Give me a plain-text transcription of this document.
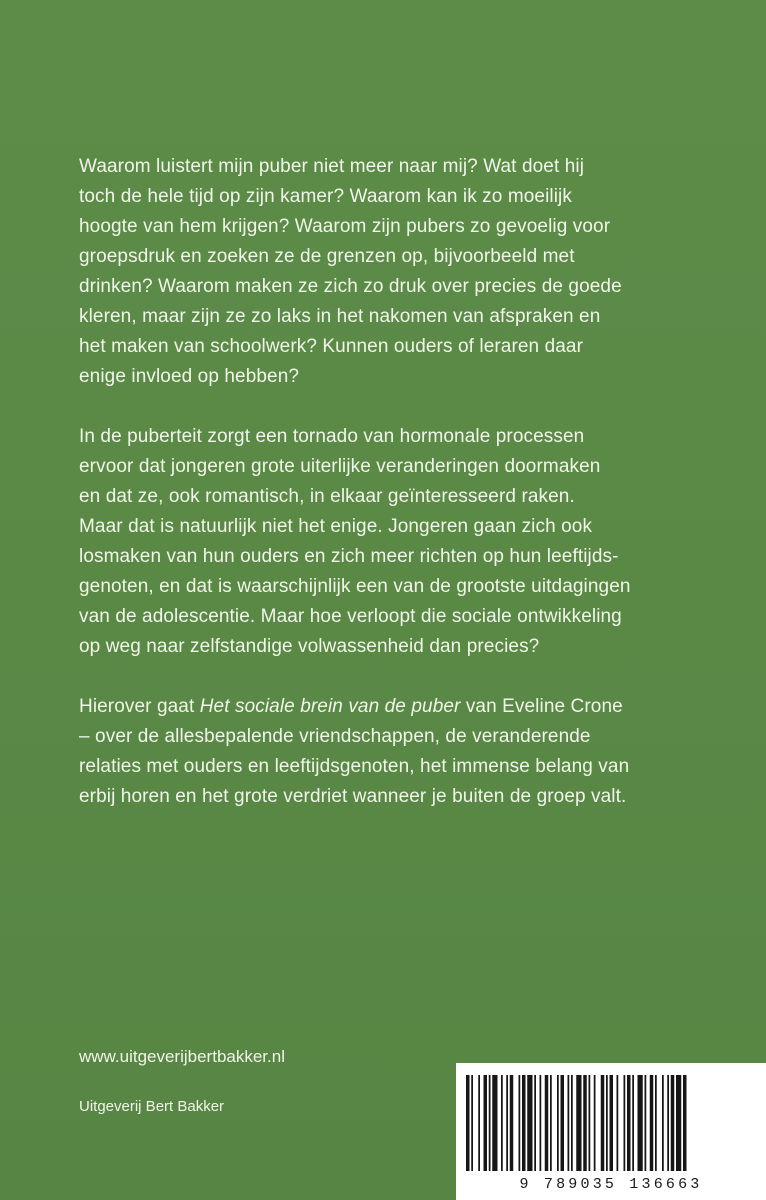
Waarom luistert mijn puber niet meer naar mij? Wat doet hij
toch de hele tijd op zijn kamer? Waarom kan ik zo moeilijk
hoogte van hem krijgen? Waarom zijn pubers zo gevoelig voor
groepsdruk en zoeken ze de grenzen op, bijvoorbeeld met
drinken? Waarom maken ze zich zo druk over precies de goede
kleren, maar zijn ze zo laks in het nakomen van afspraken en
het maken van schoolwerk? Kunnen ouders of leraren daar
enige invloed op hebben?

In de puberteit zorgt een tornado van hormonale processen
ervoor dat jongeren grote uiterlijke veranderingen doormaken
en dat ze, ook romantisch, in elkaar geïnteresseerd raken.
Maar dat is natuurlijk niet het enige. Jongeren gaan zich ook
losmaken van hun ouders en zich meer richten op hun leeftijds-
genoten, en dat is waarschijnlijk een van de grootste uitdagingen
van de adolescentie. Maar hoe verloopt die sociale ontwikkeling
op weg naar zelfstandige volwassenheid dan precies?

Hierover gaat Het sociale brein van de puber van Eveline Crone
– over de allesbepalende vriendschappen, de veranderende
relaties met ouders en leeftijdsgenoten, het immense belang van
erbij horen en het grote verdriet wanneer je buiten de groep valt.

www.uitgeverijbertbakker.nl
Uitgeverij Bert Bakker
9 789035 136663
